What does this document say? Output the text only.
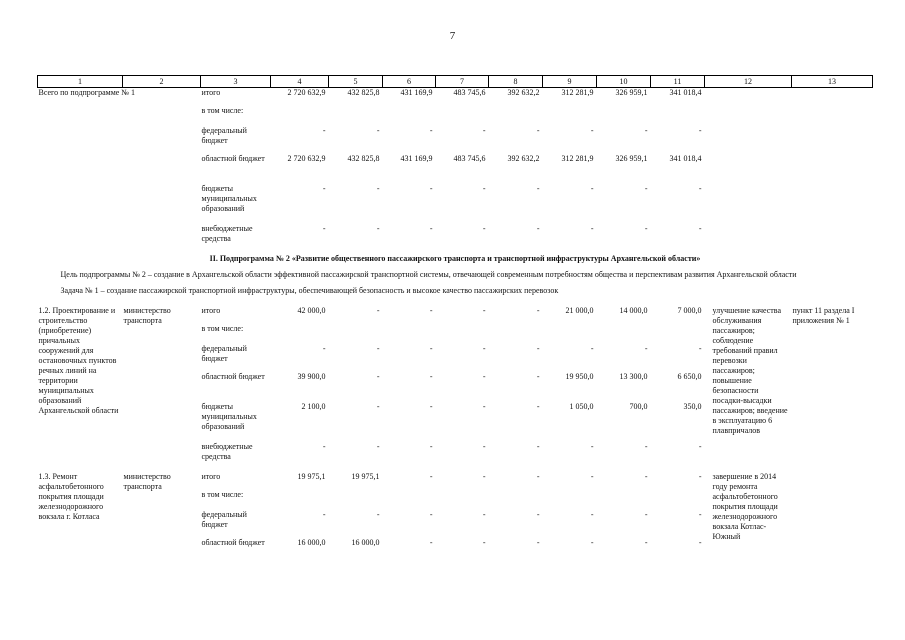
7
1	2	3	4	5	6	7	8	9	10	11	12	13
Всего по подпрограмме № 1		итого	2 720 632,9	432 825,8	431 169,9	483 745,6	392 632,2	312 281,9	326 959,1	341 018,4		
		в том числе:										
		федеральный бюджет	-	-	-	-	-	-	-	-		
		областной бюджет	2 720 632,9	432 825,8	431 169,9	483 745,6	392 632,2	312 281,9	326 959,1	341 018,4		
		бюджеты муниципальных образований	-	-	-	-	-	-	-	-		
		внебюджетные средства	-	-	-	-	-	-	-	-		
II. Подпрограмма № 2 «Развитие общественного пассажирского транспорта и транспортной инфраструктуры Архангельской области»												
Цель подпрограммы № 2 – создание в Архангельской области эффективной пассажирской транспортной системы, отвечающей современным потребностям общества и перспективам развития Архангельской области												
Задача № 1 – создание пассажирской транспортной инфраструктуры, обеспечивающей безопасность и высокое качество пассажирских перевозок												
1.2. Проектирование и строительство (приобретение) причальных сооружений для остановочных пунктов речных линий на территории муниципальных образований Архангельской области	министерство транспорта	итого	42 000,0	-	-	-	-	21 000,0	14 000,0	7 000,0	улучшение качества обслуживания пассажиров; соблюдение требований правил перевозки пассажиров; повышение безопасности посадки-высадки пассажиров; введение в эксплуатацию 6 плавпричалов	пункт 11 раздела I приложения № 1
		в том числе:										
		федеральный бюджет	-	-	-	-	-	-	-	-		
		областной бюджет	39 900,0	-	-	-	-	19 950,0	13 300,0	6 650,0		
		бюджеты муниципальных образований	2 100,0	-	-	-	-	1 050,0	700,0	350,0		
		внебюджетные средства	-	-	-	-	-	-	-	-		

1.3. Ремонт асфальтобетонного покрытия площади железнодорожного вокзала г. Котласа	министерство транспорта	итого	19 975,1	19 975,1	-	-	-	-	-	-	завершение в 2014 году ремонта асфальтобетонного покрытия площади железнодорожного вокзала Котлас-Южный	
		в том числе:										
		федеральный бюджет	-	-	-	-	-	-	-	-		
		областной бюджет	16 000,0	16 000,0	-	-	-	-	-	-		
